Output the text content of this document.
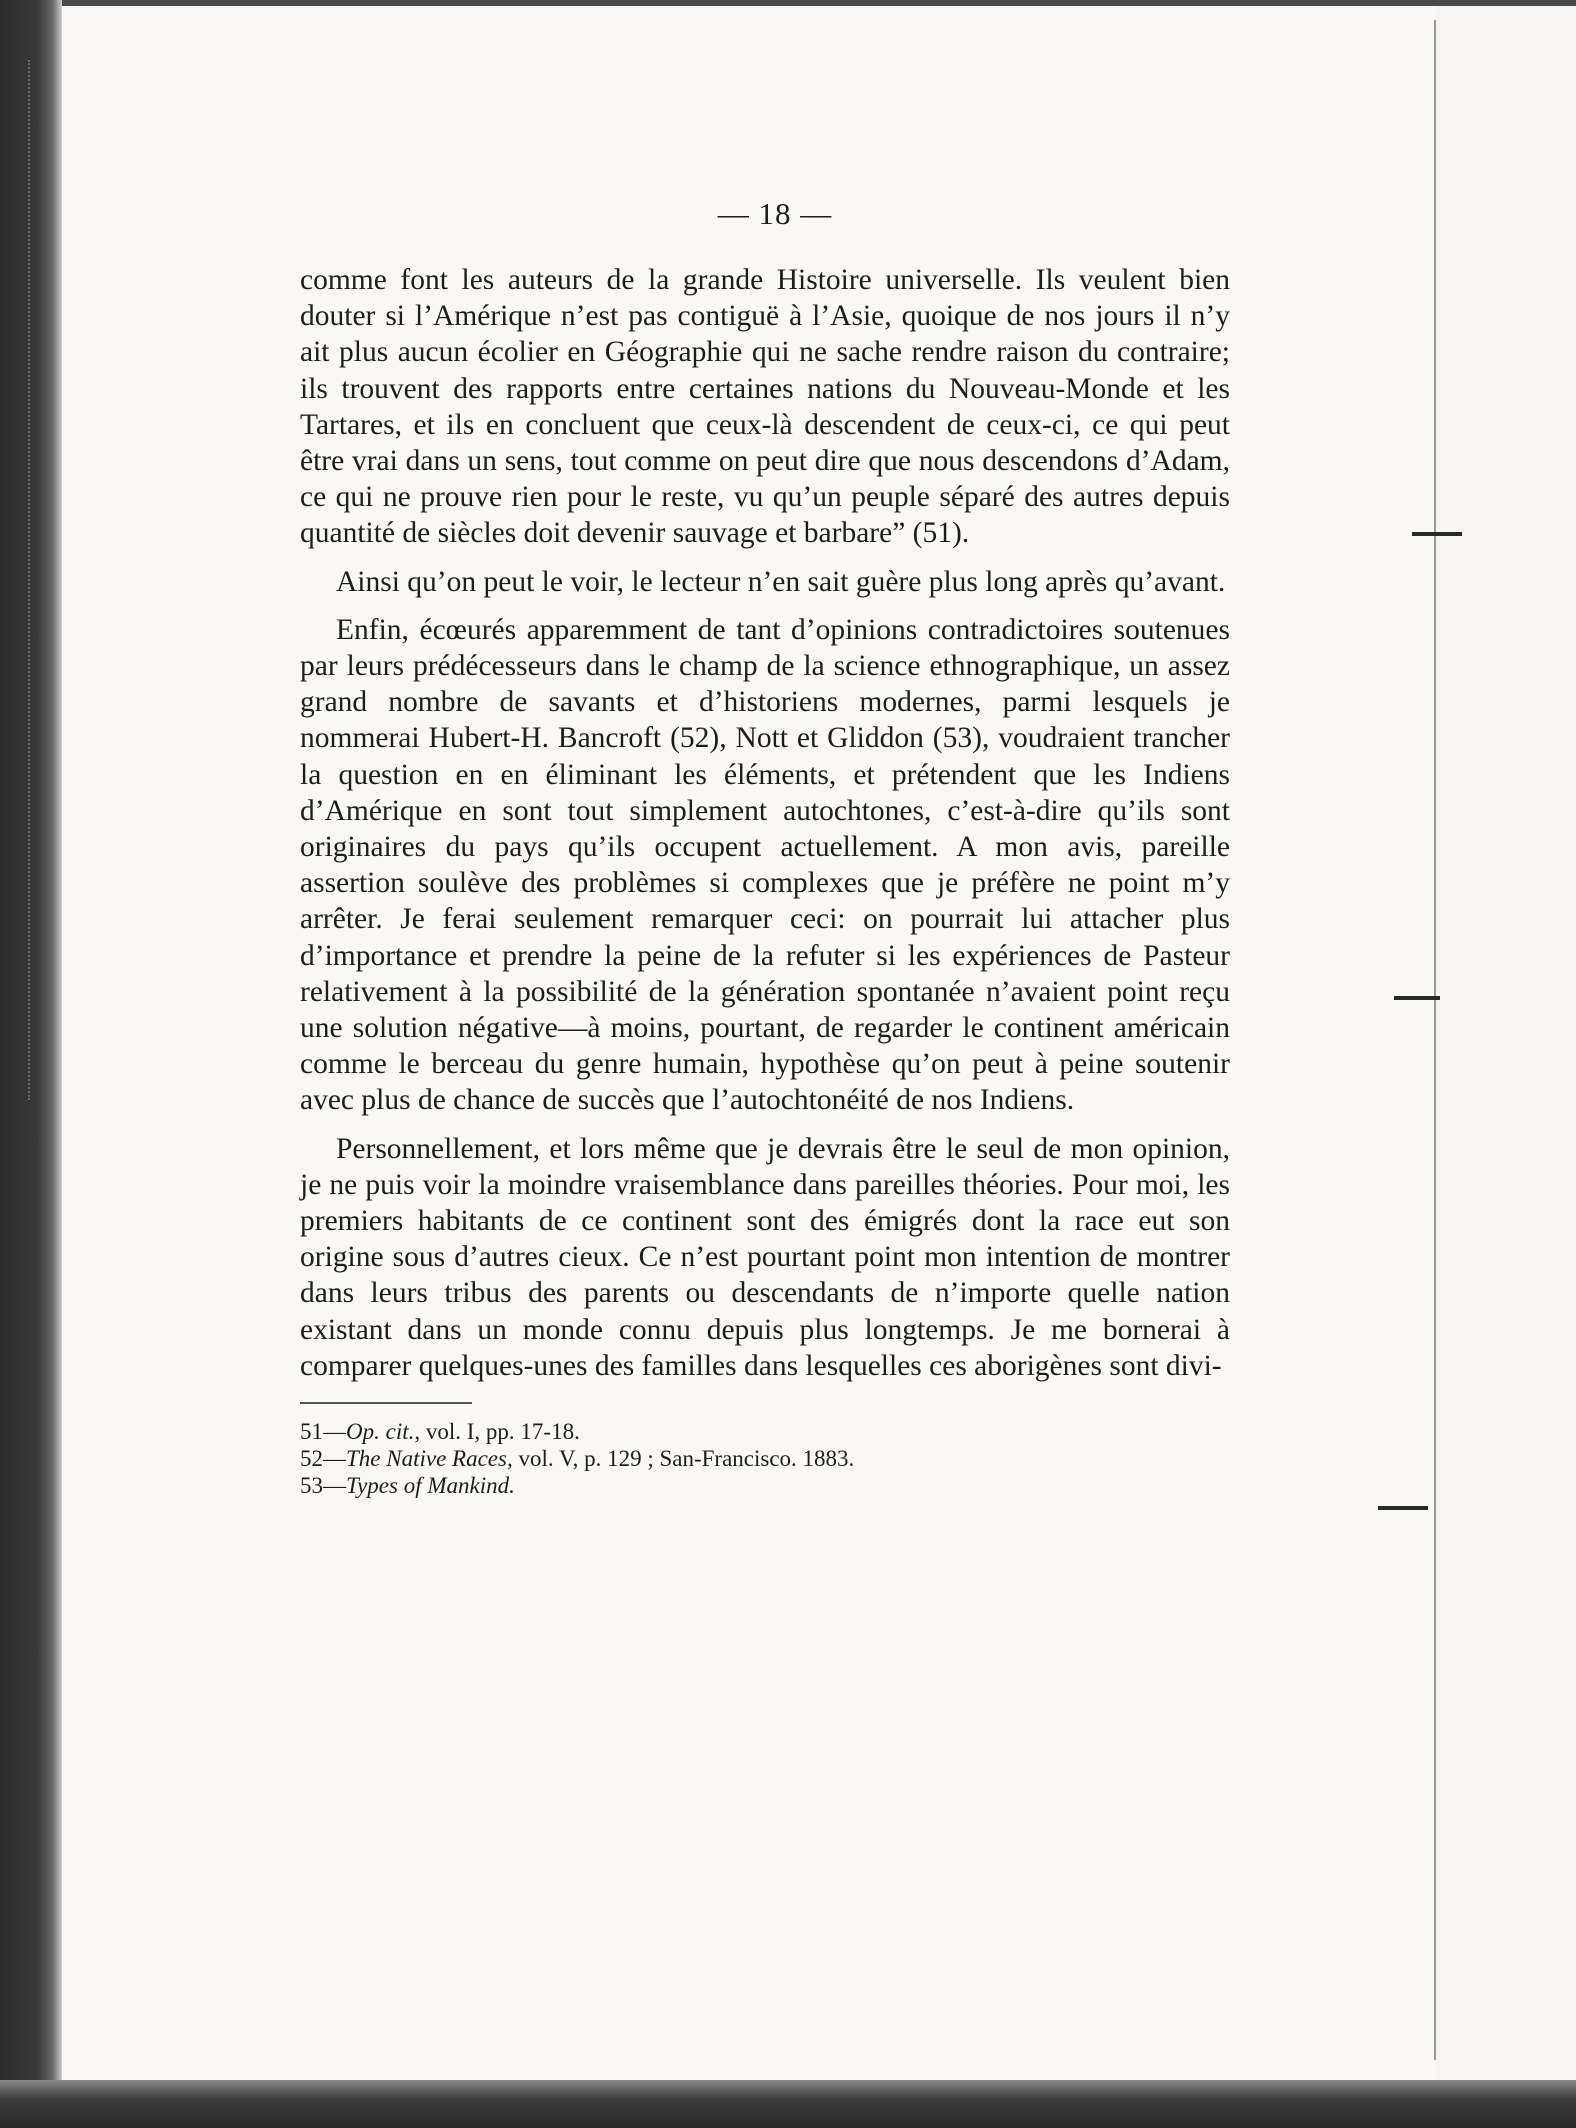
— 18 —

comme font les auteurs de la grande Histoire universelle. Ils veulent bien douter si l’Amérique n’est pas contiguë à l’Asie, quoique de nos jours il n’y ait plus aucun écolier en Géographie qui ne sache rendre raison du contraire; ils trouvent des rapports entre certaines nations du Nouveau-Monde et les Tartares, et ils en concluent que ceux-là descendent de ceux-ci, ce qui peut être vrai dans un sens, tout comme on peut dire que nous descendons d’Adam, ce qui ne prouve rien pour le reste, vu qu’un peuple séparé des autres depuis quantité de siècles doit devenir sauvage et barbare” (51).

Ainsi qu’on peut le voir, le lecteur n’en sait guère plus long après qu’avant.

Enfin, écœurés apparemment de tant d’opinions contradictoires soutenues par leurs prédécesseurs dans le champ de la science ethnographique, un assez grand nombre de savants et d’historiens modernes, parmi lesquels je nommerai Hubert-H. Bancroft (52), Nott et Gliddon (53), voudraient trancher la question en en éliminant les éléments, et prétendent que les Indiens d’Amérique en sont tout simplement autochtones, c’est-à-dire qu’ils sont originaires du pays qu’ils occupent actuellement. A mon avis, pareille assertion soulève des problèmes si complexes que je préfère ne point m’y arrêter. Je ferai seulement remarquer ceci: on pourrait lui attacher plus d’importance et prendre la peine de la refuter si les expériences de Pasteur relativement à la possibilité de la génération spontanée n’avaient point reçu une solution négative—à moins, pourtant, de regarder le continent américain comme le berceau du genre humain, hypothèse qu’on peut à peine soutenir avec plus de chance de succès que l’autochtonéité de nos Indiens.

Personnellement, et lors même que je devrais être le seul de mon opinion, je ne puis voir la moindre vraisemblance dans pareilles théories. Pour moi, les premiers habitants de ce continent sont des émigrés dont la race eut son origine sous d’autres cieux. Ce n’est pourtant point mon intention de montrer dans leurs tribus des parents ou descendants de n’importe quelle nation existant dans un monde connu depuis plus longtemps. Je me bornerai à comparer quelques-unes des familles dans lesquelles ces aborigènes sont divi-

51—Op. cit., vol. I, pp. 17-18.

52—The Native Races, vol. V, p. 129 ; San-Francisco. 1883.

53—Types of Mankind.
